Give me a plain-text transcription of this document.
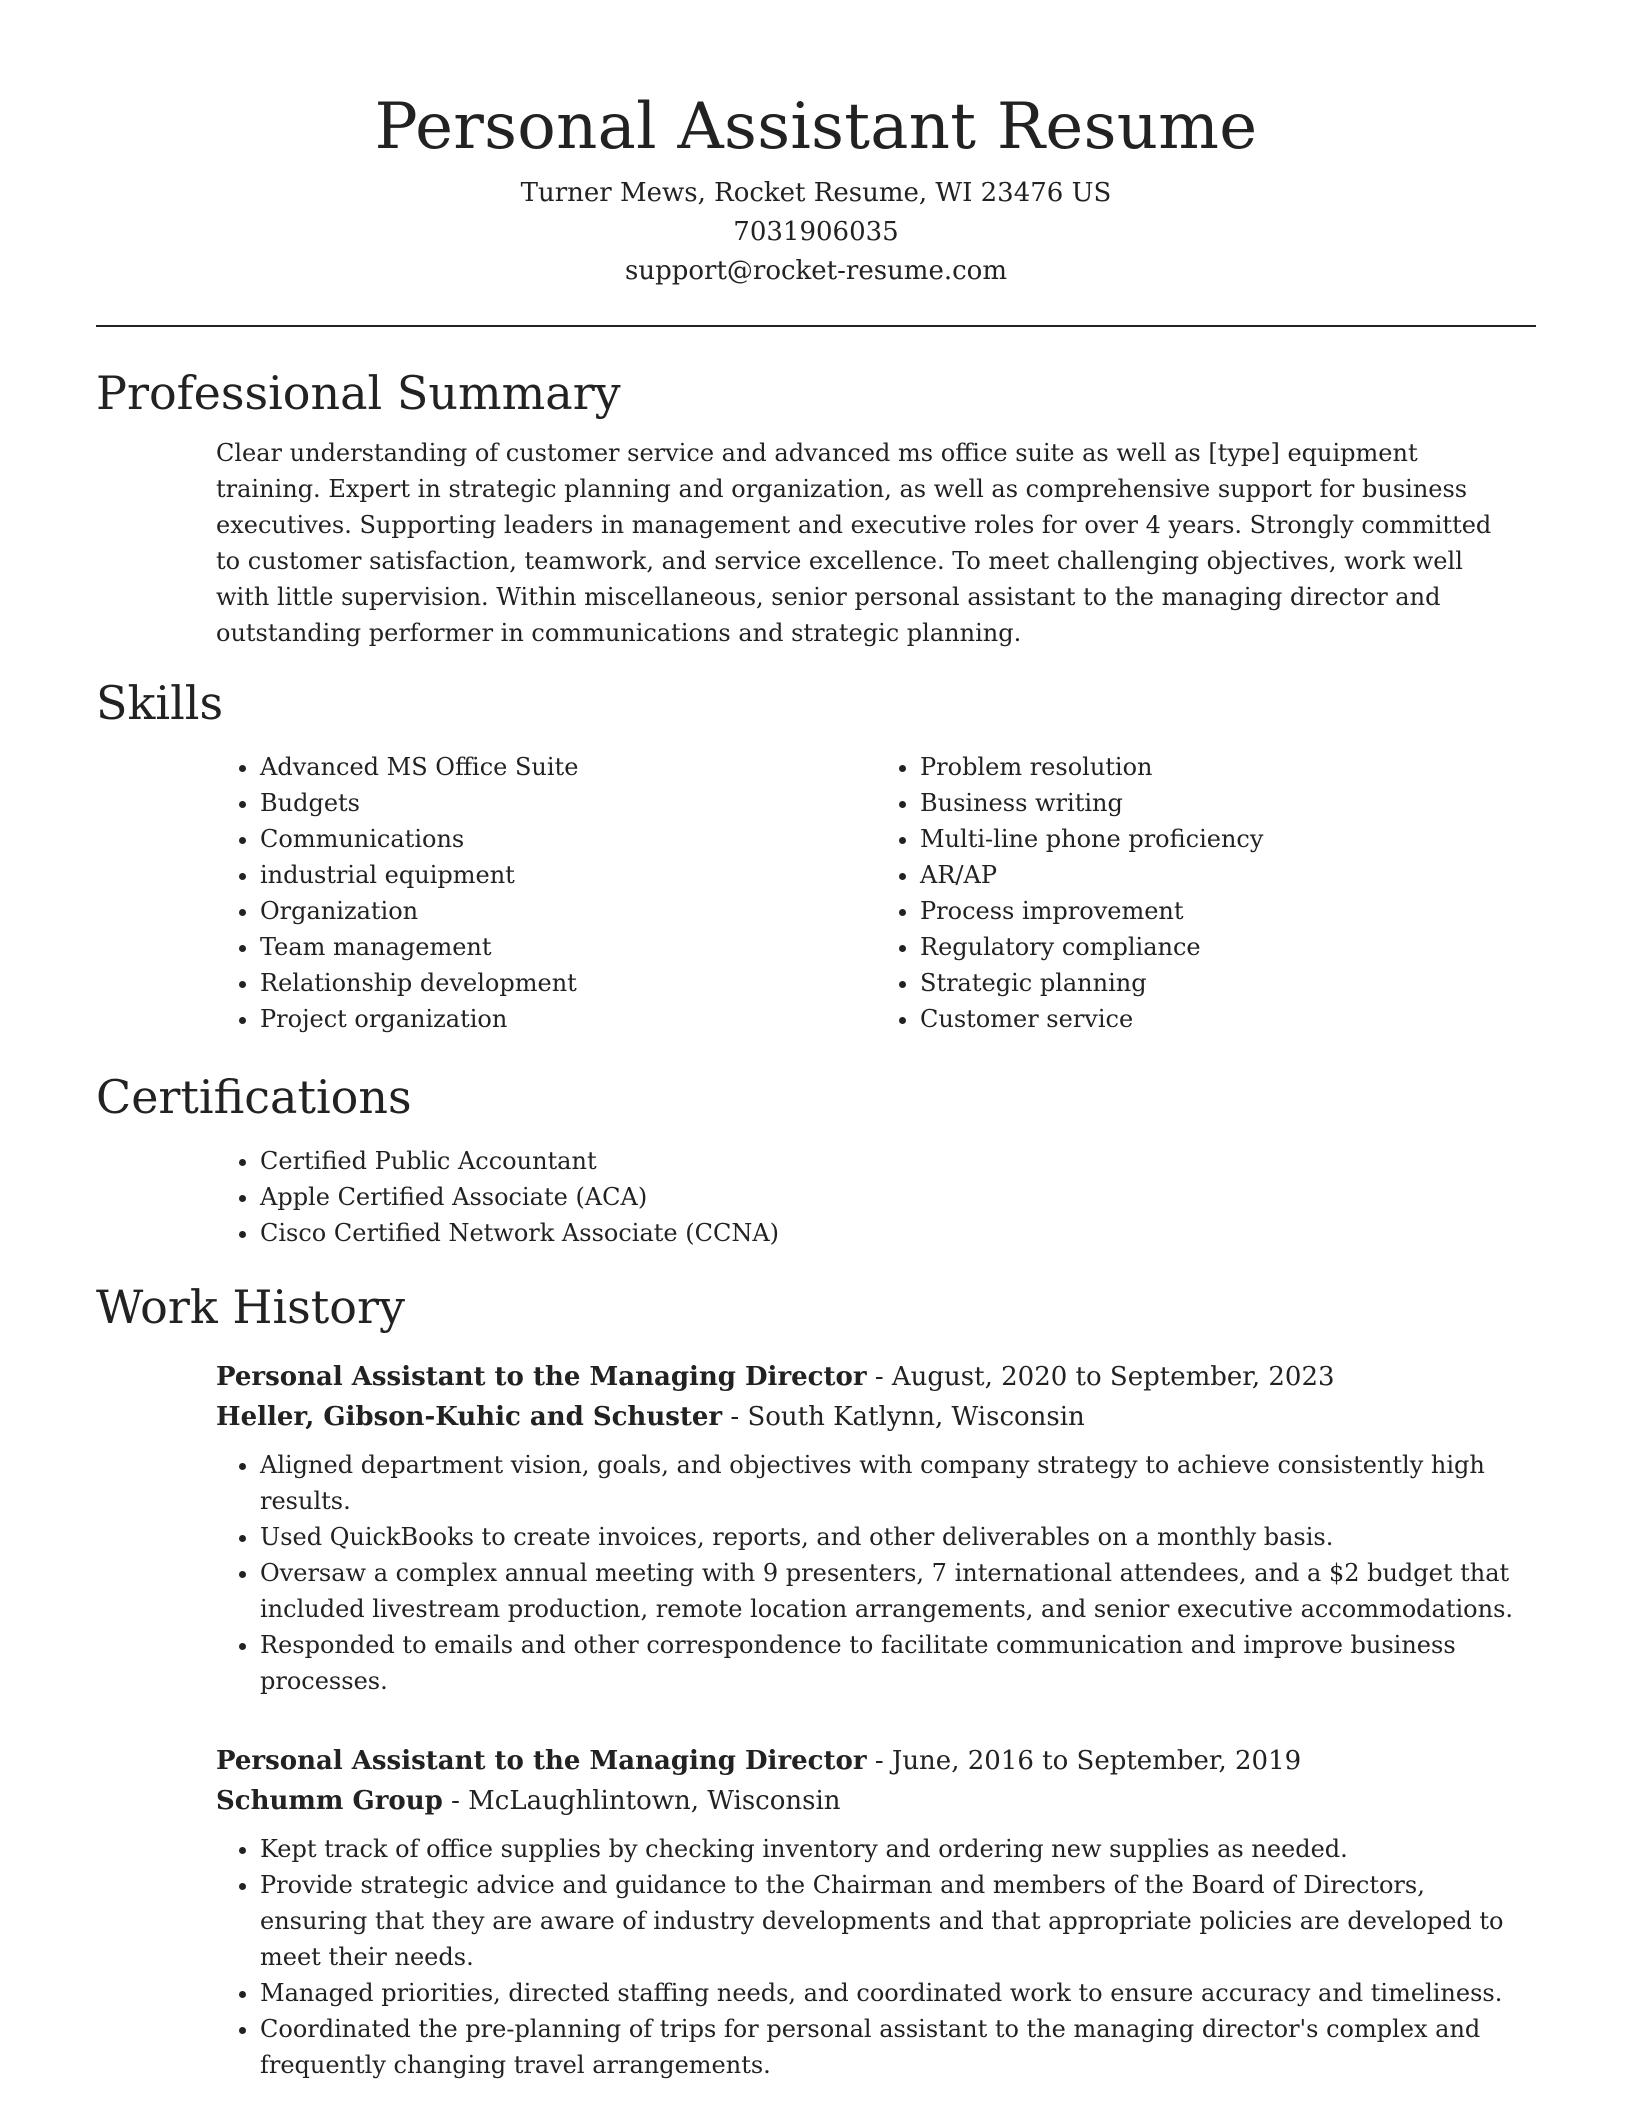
Personal Assistant Resume
Turner Mews, Rocket Resume, WI 23476 US
7031906035
support@rocket-resume.com
Professional Summary

Clear understanding of customer service and advanced ms office suite as well as [type] equipment training. Expert in strategic planning and organization, as well as comprehensive support for business executives. Supporting leaders in management and executive roles for over 4 years. Strongly committed to customer satisfaction, teamwork, and service excellence. To meet challenging objectives, work well with little supervision. Within miscellaneous, senior personal assistant to the managing director and outstanding performer in communications and strategic planning.

Skills
• Advanced MS Office Suite
• Budgets
• Communications
• industrial equipment
• Organization
• Team management
• Relationship development
• Project organization
• Problem resolution
• Business writing
• Multi-line phone proficiency
• AR/AP
• Process improvement
• Regulatory compliance
• Strategic planning
• Customer service
Certifications
• Certified Public Accountant
• Apple Certified Associate (ACA)
• Cisco Certified Network Associate (CCNA)
Work History
Personal Assistant to the Managing Director - August, 2020 to September, 2023
Heller, Gibson-Kuhic and Schuster - South Katlynn, Wisconsin
• Aligned department vision, goals, and objectives with company strategy to achieve consistently high results.
• Used QuickBooks to create invoices, reports, and other deliverables on a monthly basis.
• Oversaw a complex annual meeting with 9 presenters, 7 international attendees, and a $2 budget that included livestream production, remote location arrangements, and senior executive accommodations.
• Responded to emails and other correspondence to facilitate communication and improve business processes.
Personal Assistant to the Managing Director - June, 2016 to September, 2019
Schumm Group - McLaughlintown, Wisconsin
• Kept track of office supplies by checking inventory and ordering new supplies as needed.
• Provide strategic advice and guidance to the Chairman and members of the Board of Directors, ensuring that they are aware of industry developments and that appropriate policies are developed to meet their needs.
• Managed priorities, directed staffing needs, and coordinated work to ensure accuracy and timeliness.
• Coordinated the pre-planning of trips for personal assistant to the managing director's complex and frequently changing travel arrangements.
